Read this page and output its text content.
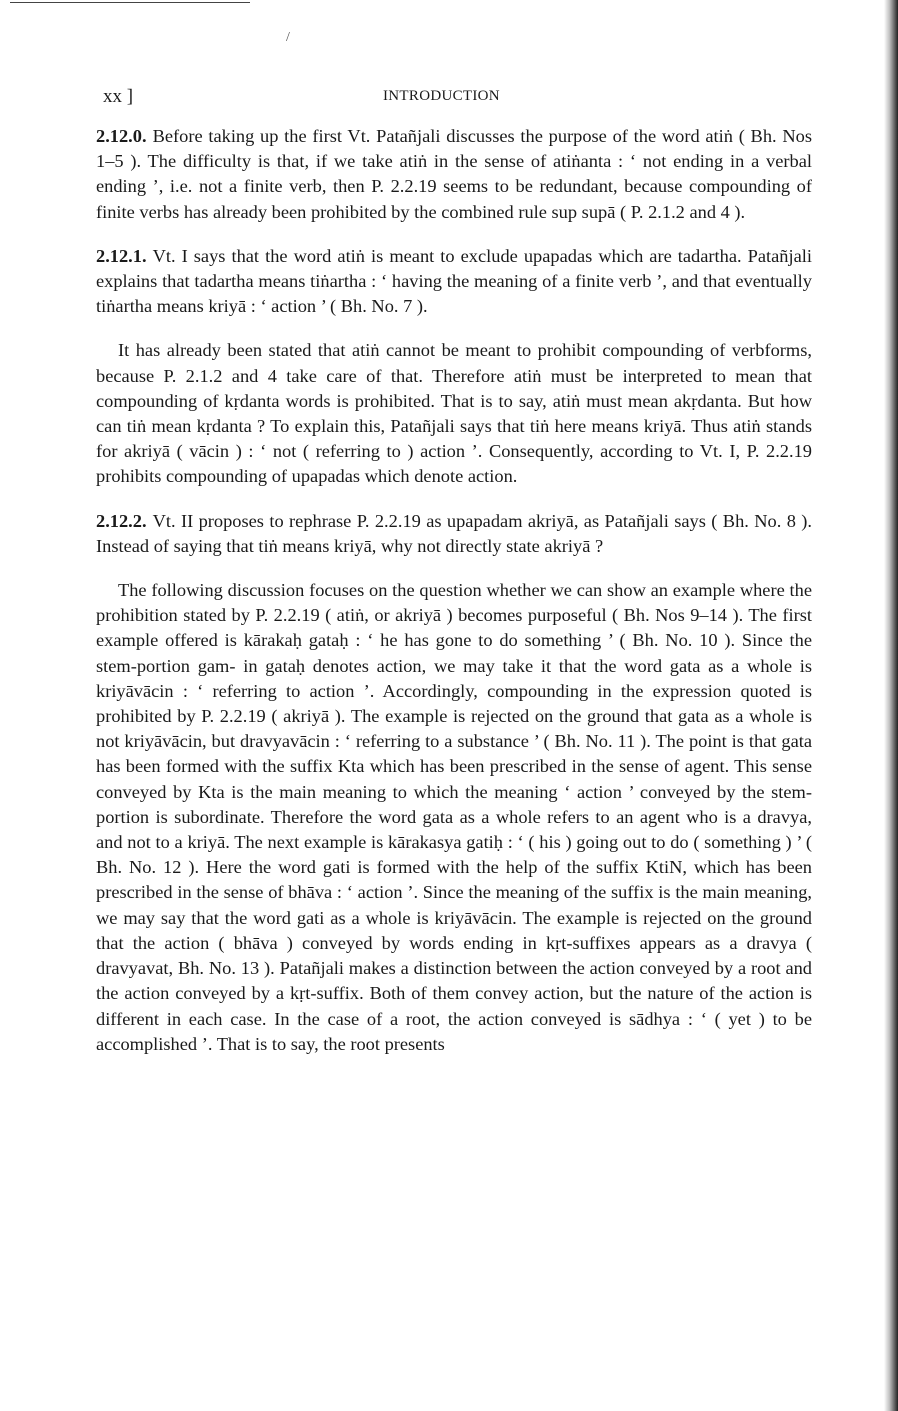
/
xx ]	INTRODUCTION

2.12.0. Before taking up the first Vt. Patañjali discusses the purpose of the word atiṅ ( Bh. Nos 1–5 ). The difficulty is that, if we take atiṅ in the sense of atiṅanta : ‘ not ending in a verbal ending ’, i.e. not a finite verb, then P. 2.2.19 seems to be redundant, because compounding of finite verbs has already been prohibited by the combined rule sup supā ( P. 2.1.2 and 4 ).

2.12.1. Vt. I says that the word atiṅ is meant to exclude upapadas which are tadartha. Patañjali explains that tadartha means tiṅartha : ‘ having the meaning of a finite verb ’, and that eventually tiṅartha means kriyā : ‘ action ’ ( Bh. No. 7 ).

It has already been stated that atiṅ cannot be meant to prohibit compounding of verbforms, because P. 2.1.2 and 4 take care of that. Therefore atiṅ must be interpreted to mean that compounding of kṛdanta words is prohibited. That is to say, atiṅ must mean akṛdanta. But how can tiṅ mean kṛdanta ? To explain this, Patañjali says that tiṅ here means kriyā. Thus atiṅ stands for akriyā ( vācin ) : ‘ not ( referring to ) action ’. Consequently, according to Vt. I, P. 2.2.19 prohibits compounding of upapadas which denote action.

2.12.2. Vt. II proposes to rephrase P. 2.2.19 as upapadam akriyā, as Patañjali says ( Bh. No. 8 ). Instead of saying that tiṅ means kriyā, why not directly state akriyā ?

The following discussion focuses on the question whether we can show an example where the prohibition stated by P. 2.2.19 ( atiṅ, or akriyā ) becomes purposeful ( Bh. Nos 9–14 ). The first example offered is kārakaḥ gataḥ : ‘ he has gone to do something ’ ( Bh. No. 10 ). Since the stem-portion gam- in gataḥ denotes action, we may take it that the word gata as a whole is kriyāvācin : ‘ referring to action ’. Accordingly, compounding in the expression quoted is prohibited by P. 2.2.19 ( akriyā ). The example is rejected on the ground that gata as a whole is not kriyāvācin, but dravyavācin : ‘ referring to a substance ’ ( Bh. No. 11 ). The point is that gata has been formed with the suffix Kta which has been prescribed in the sense of agent. This sense conveyed by Kta is the main meaning to which the meaning ‘ action ’ conveyed by the stem-portion is subordinate. Therefore the word gata as a whole refers to an agent who is a dravya, and not to a kriyā. The next example is kārakasya gatiḥ : ‘ ( his ) going out to do ( something ) ’ ( Bh. No. 12 ). Here the word gati is formed with the help of the suffix KtiN, which has been prescribed in the sense of bhāva : ‘ action ’. Since the meaning of the suffix is the main meaning, we may say that the word gati as a whole is kriyāvācin. The example is rejected on the ground that the action ( bhāva ) conveyed by words ending in kṛt-suffixes appears as a dravya ( dravyavat, Bh. No. 13 ). Patañjali makes a distinction between the action conveyed by a root and the action conveyed by a kṛt-suffix. Both of them convey action, but the nature of the action is different in each case. In the case of a root, the action conveyed is sādhya : ‘ ( yet ) to be accomplished ’. That is to say, the root presents
